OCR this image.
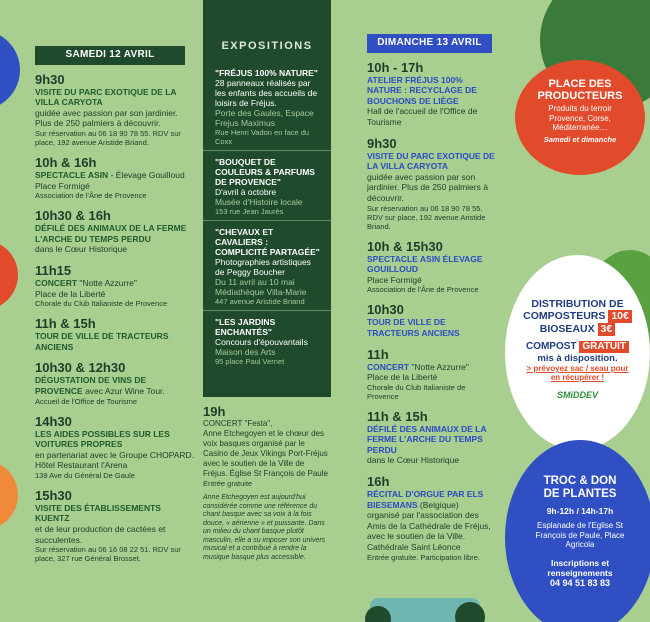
SAMEDI 12 AVRIL
9h30
VISITE DU PARC EXOTIQUE DE LA VILLA CARYOTA
guidée avec passion par son jardinier. Plus de 250 palmiers à découvrir.
Sur réservation au 06 18 90 78 55. RDV sur place, 192 avenue Aristide Briand.
10h & 16h
SPECTACLE ASIN - Élevage Gouilloud
Place Formigé
Association de l'Âne de Provence
10h30 & 16h
DÉFILÉ DES ANIMAUX DE LA FERME L'ARCHE DU TEMPS PERDU
dans le Cœur Historique
11h15
CONCERT "Notte Azzurre"
Place de la Liberté
Chorale du Club Italianiste de Provence
11h & 15h
TOUR DE VILLE DE TRACTEURS ANCIENS
10h30 & 12h30
DÉGUSTATION DE VINS DE PROVENCE avec Azur Wine Tour.
Accueil de l'Office de Tourisme
14h30
LES AIDES POSSIBLES SUR LES VOITURES PROPRES
en partenariat avec le Groupe CHOPARD. Hôtel Restaurant l'Arena
139 Ave du Général De Gaule
15h30
VISITE DES ÉTABLISSEMENTS KUENTZ
et de leur production de cactées et succulentes.
Sur réservation au 06 16 08 22 51. RDV sur place, 327 rue Général Brosset.
EXPOSITIONS
"FRÉJUS 100% NATURE"
28 panneaux réalisés par les enfants des accueils de loisirs de Fréjus.
Porte des Gaules, Espace Frejus Maximus
Rue Henri Vadon en face du Coxx
"BOUQUET DE COULEURS & PARFUMS DE PROVENCE"
D'avril à octobre
Musée d'Histoire locale
153 rue Jean Jaurès
"CHEVAUX ET CAVALIERS : COMPLICITÉ PARTAGÉE"
Photographies artistiques de Peggy Boucher
Du 11 avril au 10 mai Médiathèque Villa-Marie
447 avenue Aristide Briand
"LES JARDINS ENCHANTÉS"
Concours d'épouvantails
Maison des Arts
95 place Paul Vernet
19h
CONCERT "Festa",
Anne Etchegoyen et le chœur des voix basques organisé par le Casino de Jeux Vikings Port-Fréjus avec le soutien de la Ville de Fréjus. Église St François de Paule
Entrée gratuite
Anne Etchegoyen est aujourd'hui considérée comme une référence du chant basque avec sa voix à la fois douce, « aérienne » et puissante. Dans un milieu du chant basque plutôt masculin, elle a su imposer son univers musical et a contribué à rendre la musique basque plus accessible.
DIMANCHE 13 AVRIL
10h - 17h
ATELIER FRÉJUS 100% NATURE : RECYCLAGE DE BOUCHONS DE LIÈGE
Hall de l'accueil de l'Office de Tourisme
9h30
VISITE DU PARC EXOTIQUE DE LA VILLA CARYOTA
guidée avec passion par son jardinier. Plus de 250 palmiers à découvrir.
Sur réservation au 06 18 90 78 55. RDV sur place, 192 avenue Aristide Briand.
10h & 15h30
SPECTACLE ASIN ÉLEVAGE GOUILLOUD
Place Formigé
Association de l'Âne de Provence
10h30
TOUR DE VILLE DE TRACTEURS ANCIENS
11h
CONCERT "Notte Azzurre"
Place de la Liberté
Chorale du Club Italianiste de Provence
11h & 15h
DÉFILÉ DES ANIMAUX DE LA FERME L'ARCHE DU TEMPS PERDU
dans le Cœur Historique
16h
RÉCITAL D'ORGUE PAR ELS BIESEMANS (Belgique)
organisé par l'association des Amis de la Cathédrale de Fréjus, avec le soutien de la Ville. Cathédrale Saint Léonce
Entrée gratuite. Participation libre.
PLACE DES PRODUCTEURS
Produits du terroir Provence, Corse, Méditerranée…
Samedi et dimanche
DISTRIBUTION DE
COMPOSTEURS 10€
BIOSEAUX 3€
COMPOST GRATUIT
mis à disposition.
> prévoyez sac / seau pour en récupérer !
SMiDDEV
TROC & DON DE PLANTES
9h-12h / 14h-17h
Esplanade de l'Eglise St François de Paule, Place Agricola
Inscriptions et renseignements
04 94 51 83 83
